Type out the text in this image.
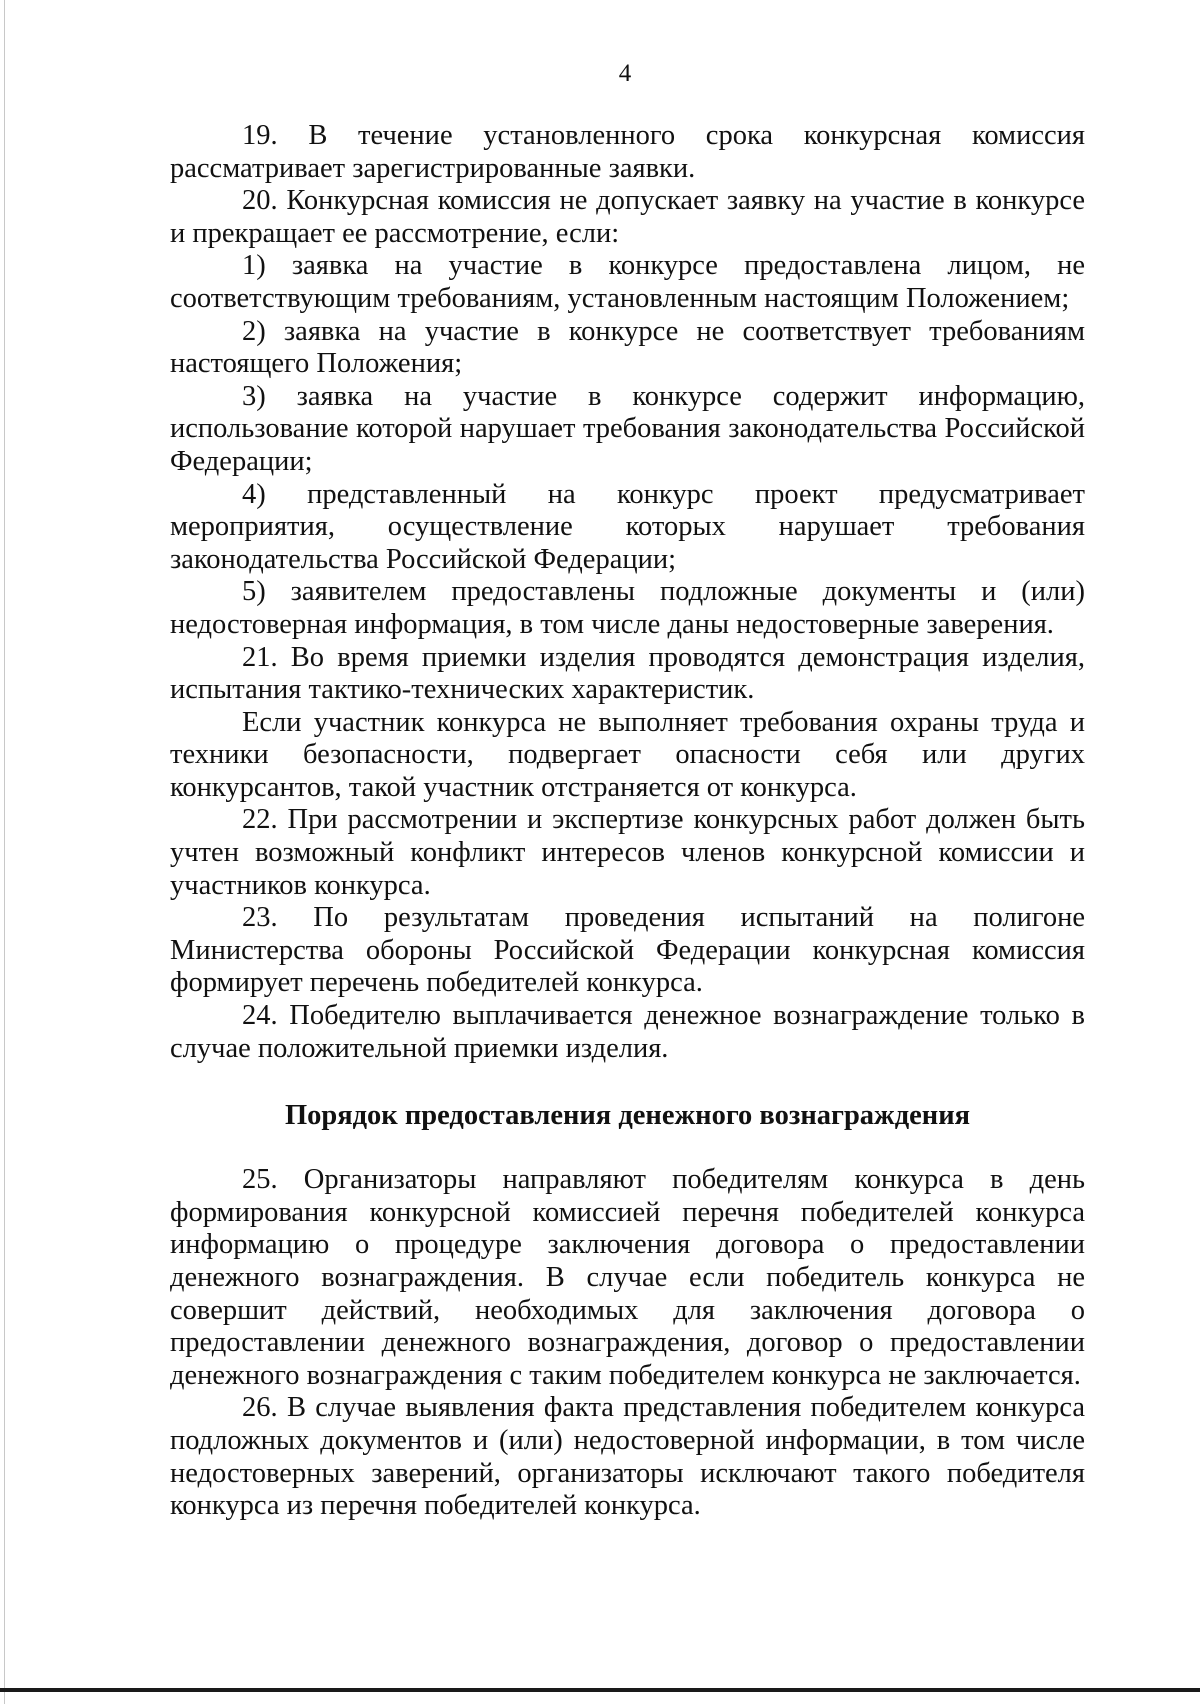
4

19. В течение установленного срока конкурсная комиссия рассматривает зарегистрированные заявки.

20. Конкурсная комиссия не допускает заявку на участие в конкурсе и прекращает ее рассмотрение, если:

1) заявка на участие в конкурсе предоставлена лицом, не соответствующим требованиям, установленным настоящим Положением;

2) заявка на участие в конкурсе не соответствует требованиям настоящего Положения;

3) заявка на участие в конкурсе содержит информацию, использование которой нарушает требования законодательства Российской Федерации;

4) представленный на конкурс проект предусматривает мероприятия, осуществление которых нарушает требования законодательства Российской Федерации;

5) заявителем предоставлены подложные документы и (или) недостоверная информация, в том числе даны недостоверные заверения.

21. Во время приемки изделия проводятся демонстрация изделия, испытания тактико-технических характеристик.

Если участник конкурса не выполняет требования охраны труда и техники безопасности, подвергает опасности себя или других конкурсантов, такой участник отстраняется от конкурса.

22. При рассмотрении и экспертизе конкурсных работ должен быть учтен возможный конфликт интересов членов конкурсной комиссии и участников конкурса.

23. По результатам проведения испытаний на полигоне Министерства обороны Российской Федерации конкурсная комиссия формирует перечень победителей конкурса.

24. Победителю выплачивается денежное вознаграждение только в случае положительной приемки изделия.

Порядок предоставления денежного вознаграждения

25. Организаторы направляют победителям конкурса в день формирования конкурсной комиссией перечня победителей конкурса информацию о процедуре заключения договора о предоставлении денежного вознаграждения. В случае если победитель конкурса не совершит действий, необходимых для заключения договора о предоставлении денежного вознаграждения, договор о предоставлении денежного вознаграждения с таким победителем конкурса не заключается.

26. В случае выявления факта представления победителем конкурса подложных документов и (или) недостоверной информации, в том числе недостоверных заверений, организаторы исключают такого победителя конкурса из перечня победителей конкурса.
